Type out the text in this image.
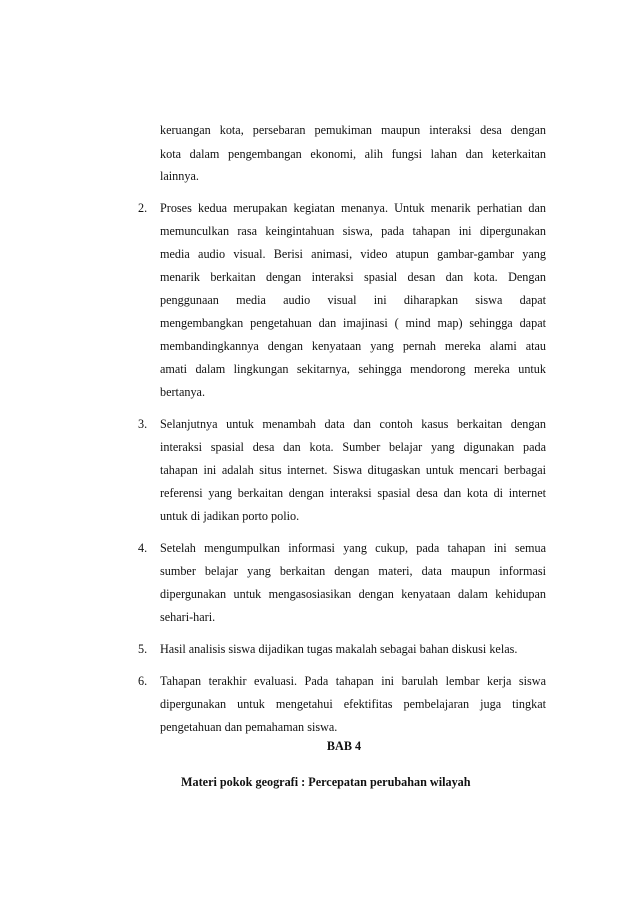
keruangan kota, persebaran pemukiman maupun interaksi desa dengan
kota dalam pengembangan ekonomi, alih fungsi lahan dan keterkaitan
lainnya.
2. Proses kedua merupakan kegiatan menanya. Untuk menarik perhatian dan
memunculkan rasa keingintahuan siswa, pada tahapan ini dipergunakan
media audio visual. Berisi animasi, video atupun gambar-gambar yang
menarik berkaitan dengan interaksi spasial desan dan kota. Dengan
penggunaan media audio visual ini diharapkan siswa dapat
mengembangkan pengetahuan dan imajinasi ( mind map) sehingga dapat
membandingkannya dengan kenyataan yang pernah mereka alami atau
amati dalam lingkungan sekitarnya, sehingga mendorong mereka untuk
bertanya.
3. Selanjutnya untuk menambah data dan contoh kasus berkaitan dengan
interaksi spasial desa dan kota. Sumber belajar yang digunakan pada
tahapan ini adalah situs internet. Siswa ditugaskan untuk mencari berbagai
referensi yang berkaitan dengan interaksi spasial desa dan kota di internet
untuk di jadikan porto polio.
4. Setelah mengumpulkan informasi yang cukup, pada tahapan ini semua
sumber belajar yang berkaitan dengan materi, data maupun informasi
dipergunakan untuk mengasosiasikan dengan kenyataan dalam kehidupan
sehari-hari.
5. Hasil analisis siswa dijadikan tugas makalah sebagai bahan diskusi kelas.
6. Tahapan terakhir evaluasi. Pada tahapan ini barulah lembar kerja siswa
dipergunakan untuk mengetahui efektifitas pembelajaran juga tingkat
pengetahuan dan pemahaman siswa.
BAB 4
Materi pokok geografi : Percepatan perubahan wilayah
